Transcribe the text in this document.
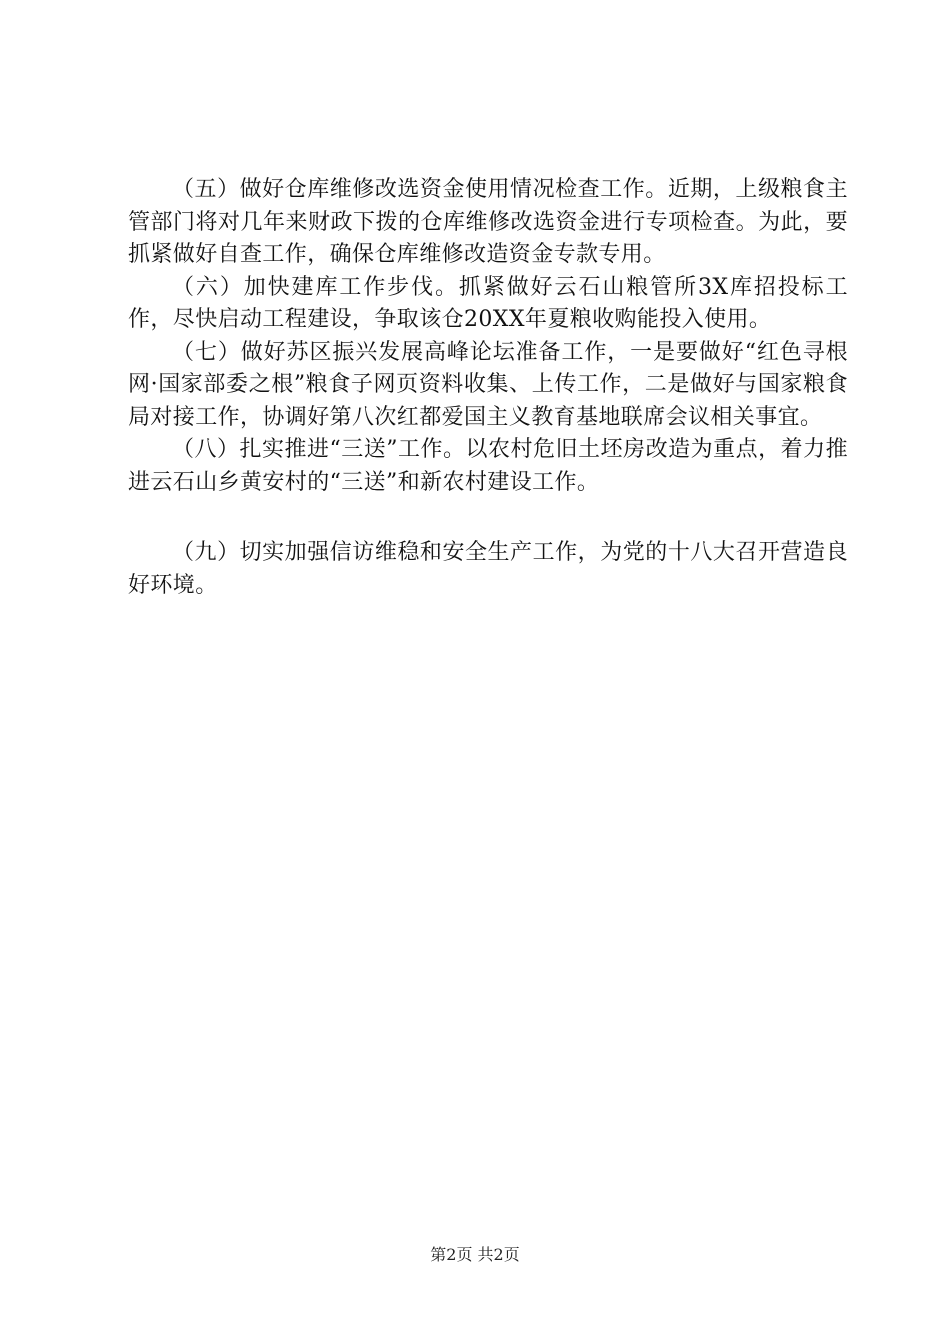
（五）做好仓库维修改选资金使用情况检查工作。近期，上级粮食主管部门将对几年来财政下拨的仓库维修改选资金进行专项检查。为此，要抓紧做好自查工作，确保仓库维修改造资金专款专用。

（六）加快建库工作步伐。抓紧做好云石山粮管所3X库招投标工作，尽快启动工程建设，争取该仓20XX年夏粮收购能投入使用。

（七）做好苏区振兴发展高峰论坛准备工作，一是要做好“红色寻根网·国家部委之根”粮食子网页资料收集、上传工作，二是做好与国家粮食局对接工作，协调好第八次红都爱国主义教育基地联席会议相关事宜。

（八）扎实推进“三送”工作。以农村危旧土坯房改造为重点，着力推进云石山乡黄安村的“三送”和新农村建设工作。

（九）切实加强信访维稳和安全生产工作，为党的十八大召开营造良好环境。

第2页 共2页
